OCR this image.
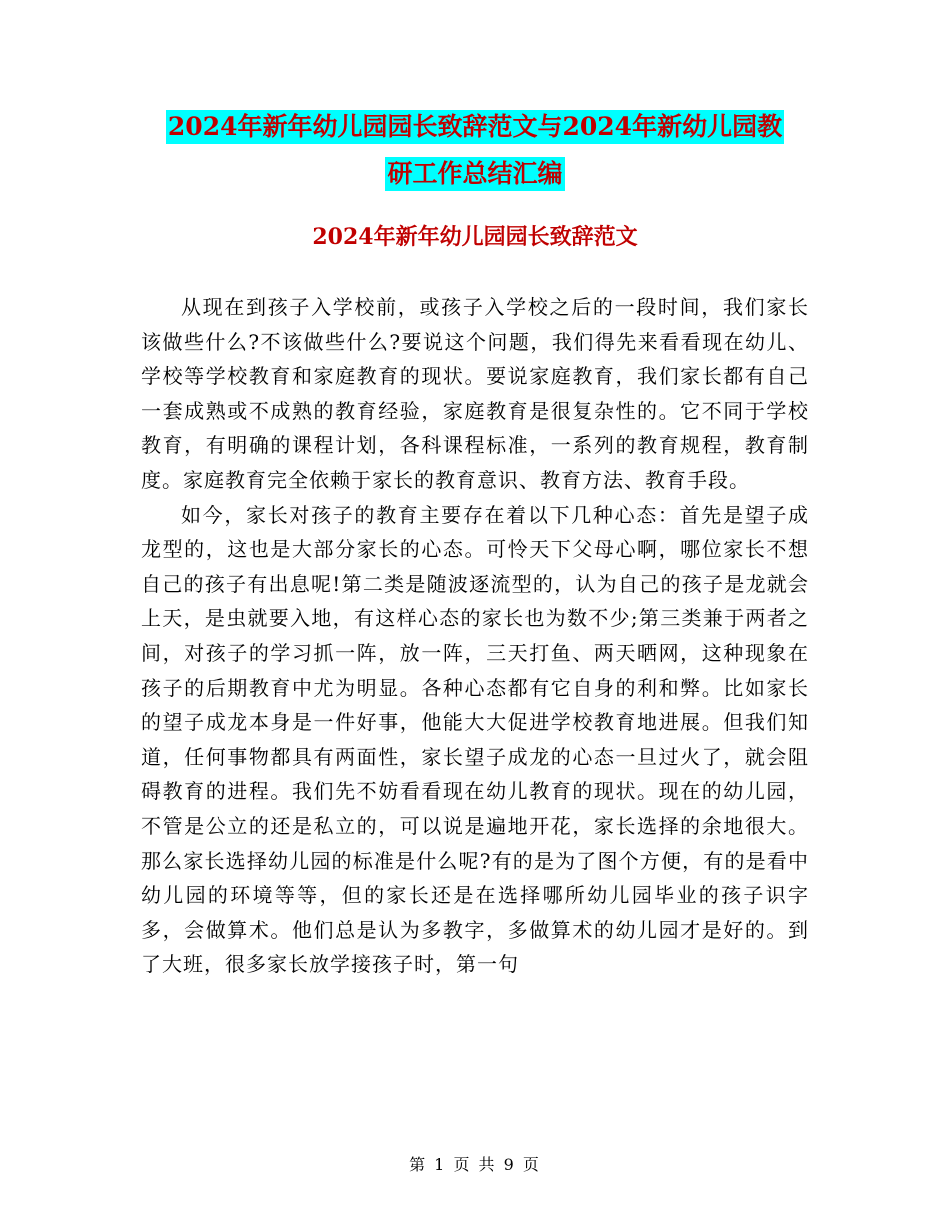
2024年新年幼儿园园长致辞范文与2024年新幼儿园教
研工作总结汇编
2024年新年幼儿园园长致辞范文

从现在到孩子入学校前，或孩子入学校之后的一段时间，我们家长该做些什么?不该做些什么?要说这个问题，我们得先来看看现在幼儿、学校等学校教育和家庭教育的现状。要说家庭教育，我们家长都有自己一套成熟或不成熟的教育经验，家庭教育是很复杂性的。它不同于学校教育，有明确的课程计划，各科课程标准，一系列的教育规程，教育制度。家庭教育完全依赖于家长的教育意识、教育方法、教育手段。

如今，家长对孩子的教育主要存在着以下几种心态：首先是望子成龙型的，这也是大部分家长的心态。可怜天下父母心啊，哪位家长不想自己的孩子有出息呢!第二类是随波逐流型的，认为自己的孩子是龙就会上天，是虫就要入地，有这样心态的家长也为数不少;第三类兼于两者之间，对孩子的学习抓一阵，放一阵，三天打鱼、两天晒网，这种现象在孩子的后期教育中尤为明显。各种心态都有它自身的利和弊。比如家长的望子成龙本身是一件好事，他能大大促进学校教育地进展。但我们知道，任何事物都具有两面性，家长望子成龙的心态一旦过火了，就会阻碍教育的进程。我们先不妨看看现在幼儿教育的现状。现在的幼儿园，不管是公立的还是私立的，可以说是遍地开花，家长选择的余地很大。那么家长选择幼儿园的标准是什么呢?有的是为了图个方便，有的是看中幼儿园的环境等等，但的家长还是在选择哪所幼儿园毕业的孩子识字多，会做算术。他们总是认为多教字，多做算术的幼儿园才是好的。到了大班，很多家长放学接孩子时，第一句

第 1 页 共 9 页
